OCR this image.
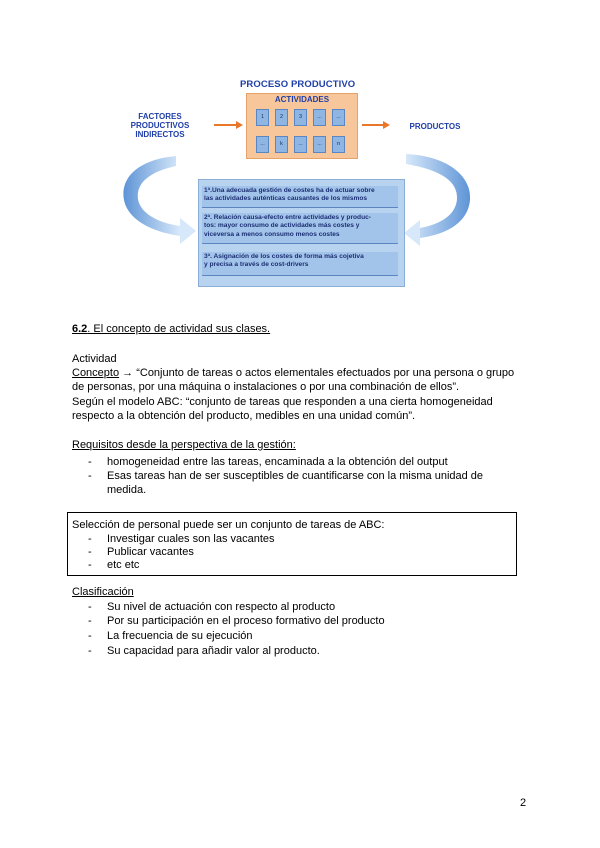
PROCESO PRODUCTIVO
FACTORES
PRODUCTIVOS
INDIRECTOS
PRODUCTOS
ACTIVIDADES
1	2	3	...	...
...	k	...	...	n
1ª.Una adecuada gestión de costes ha de actuar sobre
las actividades auténticas causantes de los mismos
2ª. Relación causa-efecto entre actividades y produc-
tos: mayor consumo de actividades más costes y
viceversa a menos consumo menos costes
3ª. Asignación de los costes de forma más cojetiva
y precisa a través de cost-drivers
6.2. El concepto de actividad sus clases.
Actividad
Concepto → “Conjunto de tareas o actos elementales efectuados por una persona o grupo
de personas, por una máquina o instalaciones o por una combinación de ellos”.
Según el modelo ABC: “conjunto de tareas que responden a una cierta homogeneidad
respecto a la obtención del producto, medibles en una unidad común”.
Requisitos desde la perspectiva de la gestión:
- homogeneidad entre las tareas, encaminada a la obtención del output
- Esas tareas han de ser susceptibles de cuantificarse con la misma unidad de
medida.
Selección de personal puede ser un conjunto de tareas de ABC:
- Investigar cuales son las vacantes
- Publicar vacantes
- etc etc
Clasificación
- Su nivel de actuación con respecto al producto
- Por su participación en el proceso formativo del producto
- La frecuencia de su ejecución
- Su capacidad para añadir valor al producto.
2
